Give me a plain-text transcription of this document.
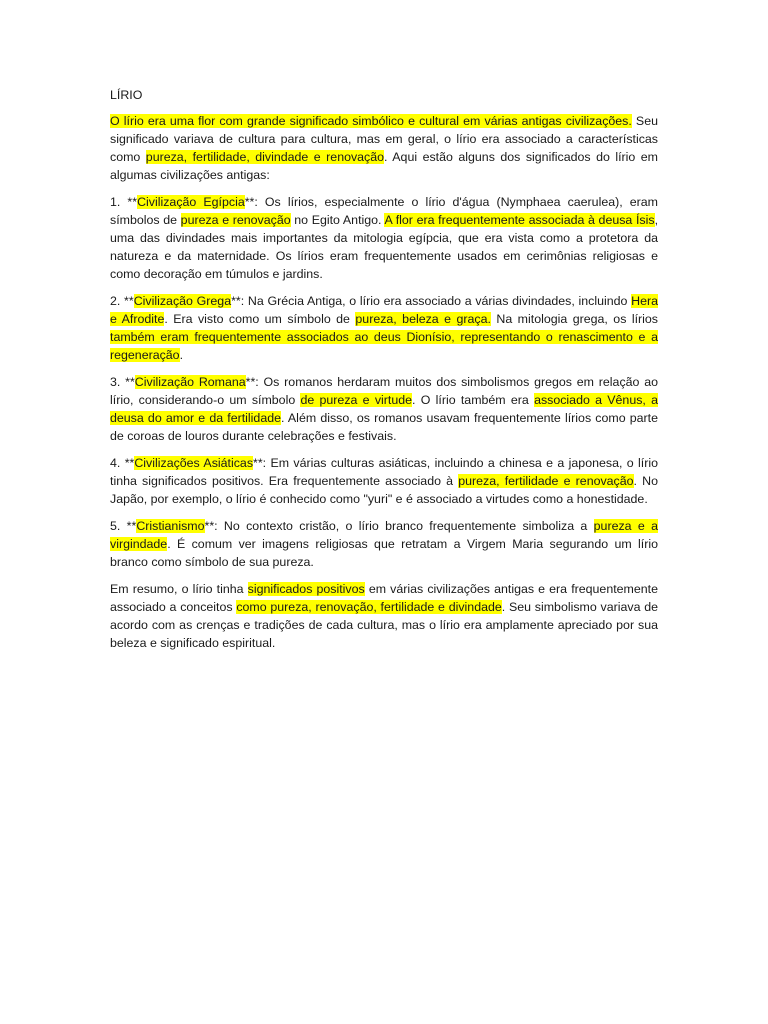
LÍRIO

O lírio era uma flor com grande significado simbólico e cultural em várias antigas civilizações. Seu significado variava de cultura para cultura, mas em geral, o lírio era associado a características como pureza, fertilidade, divindade e renovação. Aqui estão alguns dos significados do lírio em algumas civilizações antigas:

1. **Civilização Egípcia**: Os lírios, especialmente o lírio d'água (Nymphaea caerulea), eram símbolos de pureza e renovação no Egito Antigo. A flor era frequentemente associada à deusa Ísis, uma das divindades mais importantes da mitologia egípcia, que era vista como a protetora da natureza e da maternidade. Os lírios eram frequentemente usados em cerimônias religiosas e como decoração em túmulos e jardins.

2. **Civilização Grega**: Na Grécia Antiga, o lírio era associado a várias divindades, incluindo Hera e Afrodite. Era visto como um símbolo de pureza, beleza e graça. Na mitologia grega, os lírios também eram frequentemente associados ao deus Dionísio, representando o renascimento e a regeneração.

3. **Civilização Romana**: Os romanos herdaram muitos dos simbolismos gregos em relação ao lírio, considerando-o um símbolo de pureza e virtude. O lírio também era associado a Vênus, a deusa do amor e da fertilidade. Além disso, os romanos usavam frequentemente lírios como parte de coroas de louros durante celebrações e festivais.

4. **Civilizações Asiáticas**: Em várias culturas asiáticas, incluindo a chinesa e a japonesa, o lírio tinha significados positivos. Era frequentemente associado à pureza, fertilidade e renovação. No Japão, por exemplo, o lírio é conhecido como "yuri" e é associado a virtudes como a honestidade.

5. **Cristianismo**: No contexto cristão, o lírio branco frequentemente simboliza a pureza e a virgindade. É comum ver imagens religiosas que retratam a Virgem Maria segurando um lírio branco como símbolo de sua pureza.

Em resumo, o lírio tinha significados positivos em várias civilizações antigas e era frequentemente associado a conceitos como pureza, renovação, fertilidade e divindade. Seu simbolismo variava de acordo com as crenças e tradições de cada cultura, mas o lírio era amplamente apreciado por sua beleza e significado espiritual.
